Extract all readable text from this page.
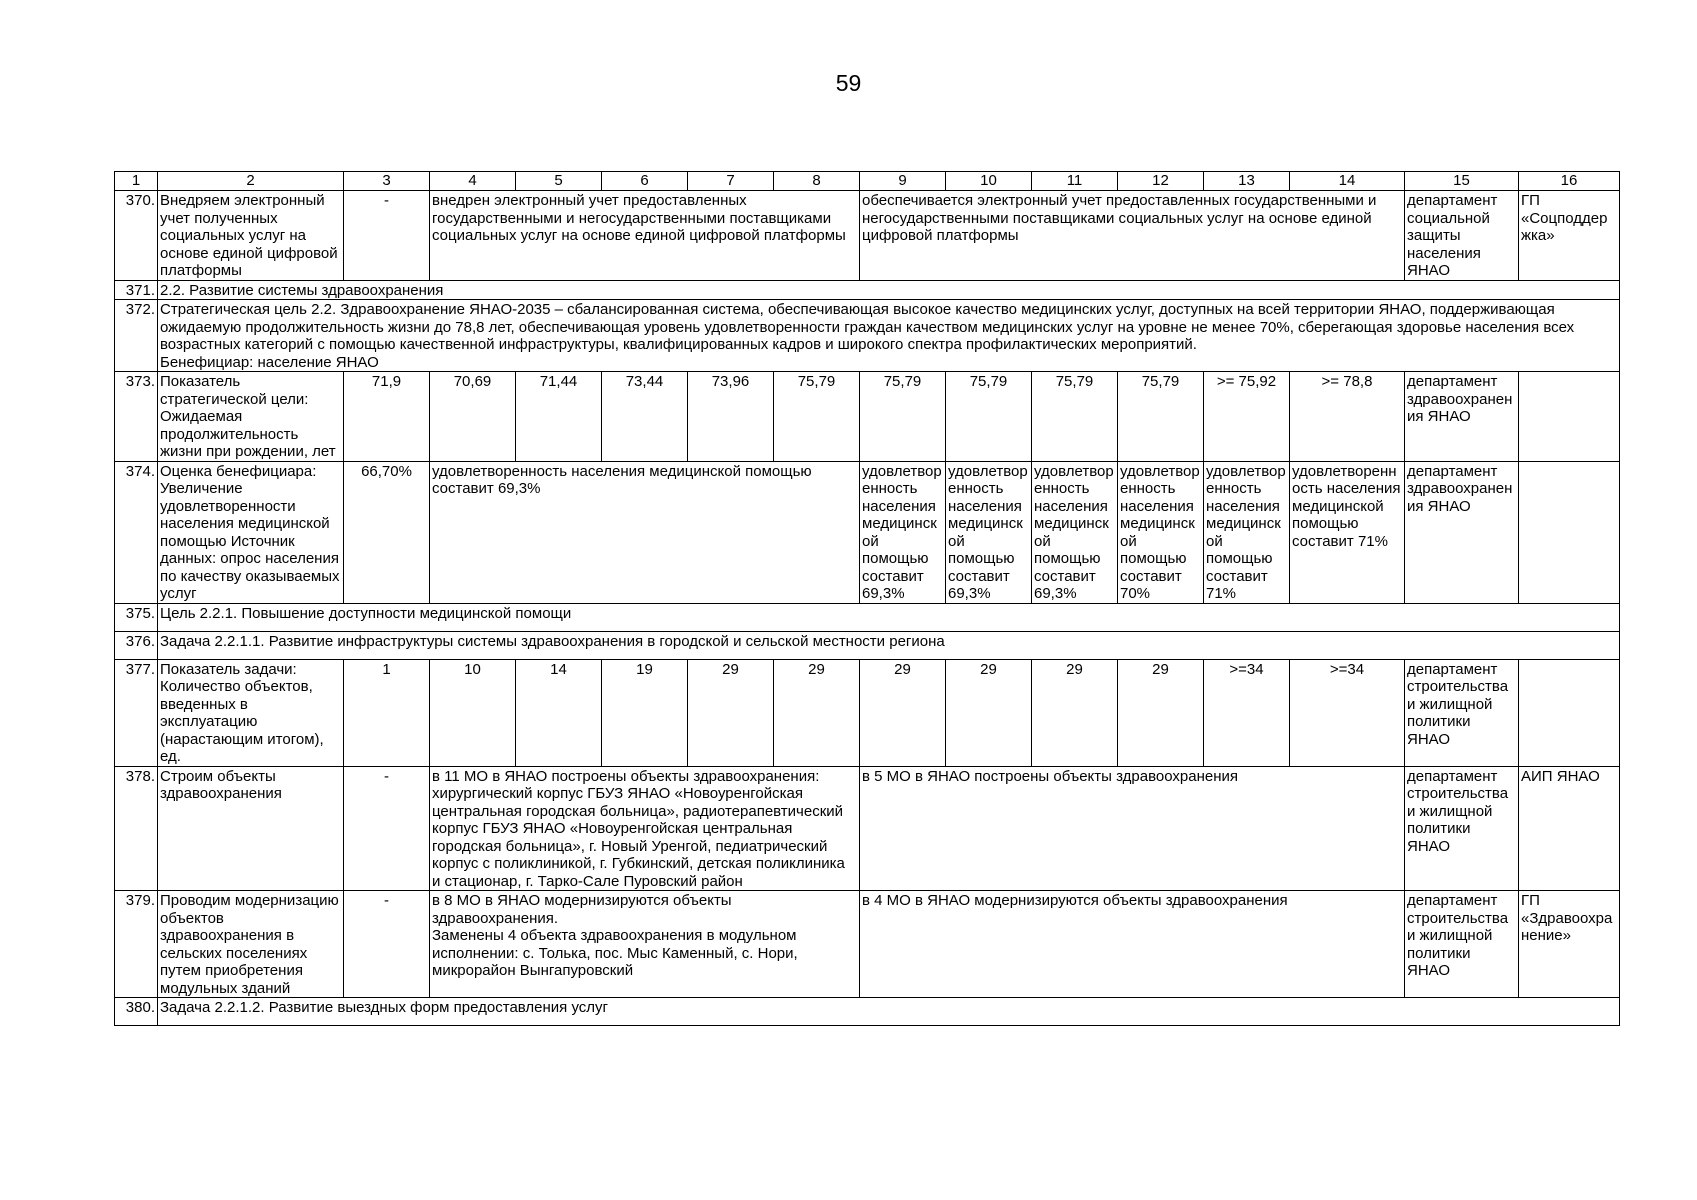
59
1	2	3	4	5	6	7	8	9	10	11	12	13	14	15	16
370.	Внедряем электронный учет полученных социальных услуг на основе единой цифровой платформы	-	внедрен электронный учет предоставленных государственными и негосударственными поставщиками социальных услуг на основе единой цифровой платформы					обеспечивается электронный учет предоставленных государственными и негосударственными поставщиками социальных услуг на основе единой цифровой платформы						департамент социальной защиты населения ЯНАО	ГП «Соцподдержка»
371.	2.2. Развитие системы здравоохранения														
372.	Стратегическая цель 2.2. Здравоохранение ЯНАО-2035 – сбалансированная система, обеспечивающая высокое качество медицинских услуг, доступных на всей территории ЯНАО, поддерживающая ожидаемую продолжительность жизни до 78,8 лет, обеспечивающая уровень удовлетворенности граждан качеством медицинских услуг на уровне не менее 70%, сберегающая здоровье населения всех возрастных категорий с помощью качественной инфраструктуры, квалифицированных кадров и широкого спектра профилактических мероприятий.
Бенефициар: население ЯНАО														

373.	Показатель стратегической цели: Ожидаемая продолжительность жизни при рождении, лет	71,9	70,69	71,44	73,44	73,96	75,79	75,79	75,79	75,79	75,79	>= 75,92	>= 78,8	департамент здравоохранения ЯНАО	
374.	Оценка бенефициара: Увеличение удовлетворенности населения медицинской помощью Источник данных: опрос населения по качеству оказываемых услуг	66,70%	удовлетворенность населения медицинской помощью составит 69,3%					удовлетворенность населения медицинской помощью составит 69,3%	удовлетворенность населения медицинской помощью составит 69,3%	удовлетворенность населения медицинской помощью составит 69,3%	удовлетворенность населения медицинской помощью составит 70%	удовлетворенность населения медицинской помощью составит 71%	удовлетворенность населения медицинской помощью составит 71%	департамент здравоохранения ЯНАО	
375.	Цель 2.2.1. Повышение доступности медицинской помощи														
376.	Задача 2.2.1.1. Развитие инфраструктуры системы здравоохранения в городской и сельской местности региона														
377.	Показатель задачи: Количество объектов, введенных в эксплуатацию (нарастающим итогом), ед.	1	10	14	19	29	29	29	29	29	29	>=34	>=34	департамент строительства и жилищной политики ЯНАО	
378.	Строим объекты здравоохранения	-	в 11 МО в ЯНАО построены объекты здравоохранения: хирургический корпус ГБУЗ ЯНАО «Новоуренгойская центральная городская больница», радиотерапевтический корпус ГБУЗ ЯНАО «Новоуренгойская центральная городская больница», г. Новый Уренгой, педиатрический корпус с поликлиникой, г. Губкинский, детская поликлиника и стационар, г. Тарко-Сале Пуровский район					в 5 МО в ЯНАО построены объекты здравоохранения						департамент строительства и жилищной политики ЯНАО	АИП ЯНАО
379.	Проводим модернизацию объектов здравоохранения в сельских поселениях путем приобретения модульных зданий	-	в 8 МО в ЯНАО модернизируются объекты здравоохранения.
Заменены 4 объекта здравоохранения в модульном исполнении: с. Толька, пос. Мыс Каменный, с. Нори, микрорайон Вынгапуровский					в 4 МО в ЯНАО модернизируются объекты здравоохранения						департамент строительства и жилищной политики ЯНАО	ГП «Здравоохранение»
380.	Задача 2.2.1.2. Развитие выездных форм предоставления услуг														
